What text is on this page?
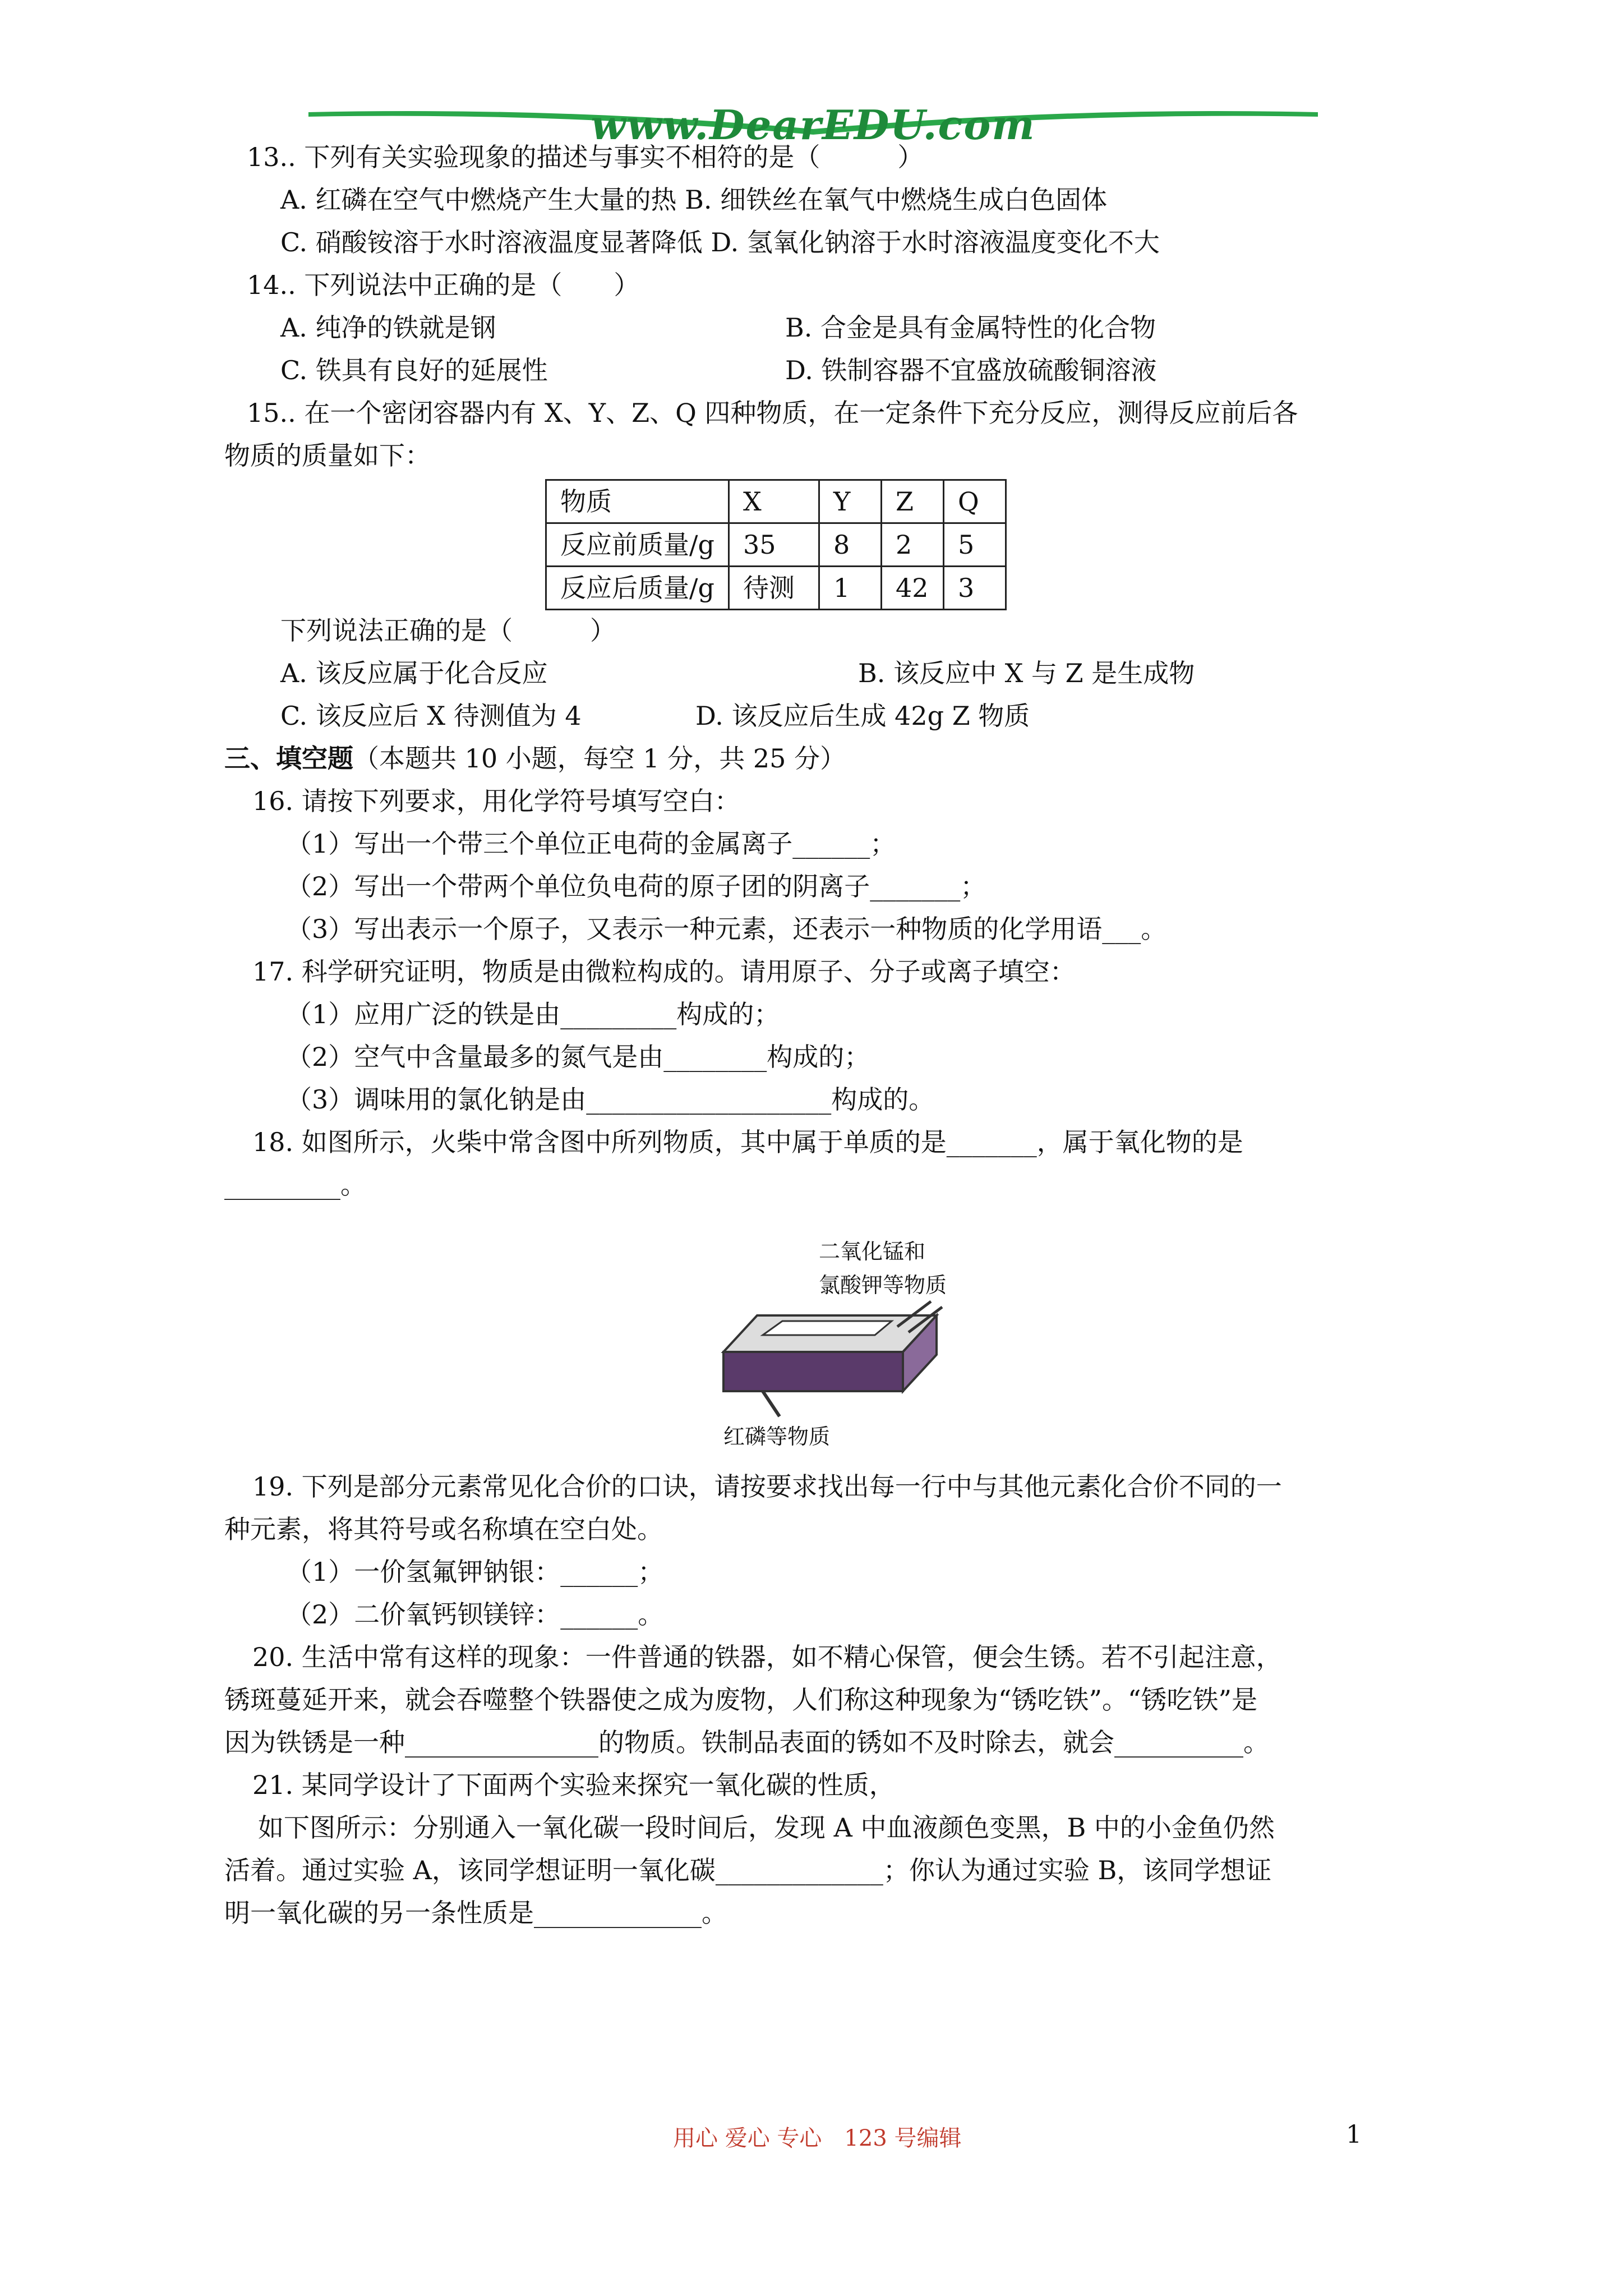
www.DearEDU.com
13.. 下列有关实验现象的描述与事实不相符的是（　　　）
A. 红磷在空气中燃烧产生大量的热 B. 细铁丝在氧气中燃烧生成白色固体
C. 硝酸铵溶于水时溶液温度显著降低 D. 氢氧化钠溶于水时溶液温度变化不大
14.. 下列说法中正确的是（　　）
A. 纯净的铁就是钢	B. 合金是具有金属特性的化合物
C. 铁具有良好的延展性	D. 铁制容器不宜盛放硫酸铜溶液
15.. 在一个密闭容器内有 X、Y、Z、Q 四种物质，在一定条件下充分反应，测得反应前后各
物质的质量如下：
物质	X	Y	Z	Q
反应前质量/g	35	8	2	5
反应后质量/g	待测	1	42	3
下列说法正确的是（　　　）
A. 该反应属于化合反应	B. 该反应中 X 与 Z 是生成物
C. 该反应后 X 待测值为 4	D. 该反应后生成 42g Z 物质
三、填空题（本题共 10 小题，每空 1 分，共 25 分）
16. 请按下列要求，用化学符号填写空白：
（1）写出一个带三个单位正电荷的金属离子______；
（2）写出一个带两个单位负电荷的原子团的阴离子_______；
（3）写出表示一个原子，又表示一种元素，还表示一种物质的化学用语___。
17. 科学研究证明，物质是由微粒构成的。请用原子、分子或离子填空：
（1）应用广泛的铁是由_________构成的；
（2）空气中含量最多的氮气是由________构成的；
（3）调味用的氯化钠是由___________________构成的。
18. 如图所示，火柴中常含图中所列物质，其中属于单质的是_______，属于氧化物的是
_________。
二氧化锰和
氯酸钾等物质
红磷等物质
19. 下列是部分元素常见化合价的口诀，请按要求找出每一行中与其他元素化合价不同的一
种元素，将其符号或名称填在空白处。
（1）一价氢氟钾钠银：______；
（2）二价氧钙钡镁锌：______。
20. 生活中常有这样的现象：一件普通的铁器，如不精心保管，便会生锈。若不引起注意，
锈斑蔓延开来，就会吞噬整个铁器使之成为废物，人们称这种现象为“锈吃铁”。“锈吃铁”是
因为铁锈是一种_______________的物质。铁制品表面的锈如不及时除去，就会__________。
21. 某同学设计了下面两个实验来探究一氧化碳的性质，
如下图所示：分别通入一氧化碳一段时间后，发现 A 中血液颜色变黑，B 中的小金鱼仍然
活着。通过实验 A，该同学想证明一氧化碳_____________；你认为通过实验 B，该同学想证
明一氧化碳的另一条性质是_____________。
用心 爱心 专心　123 号编辑	1
